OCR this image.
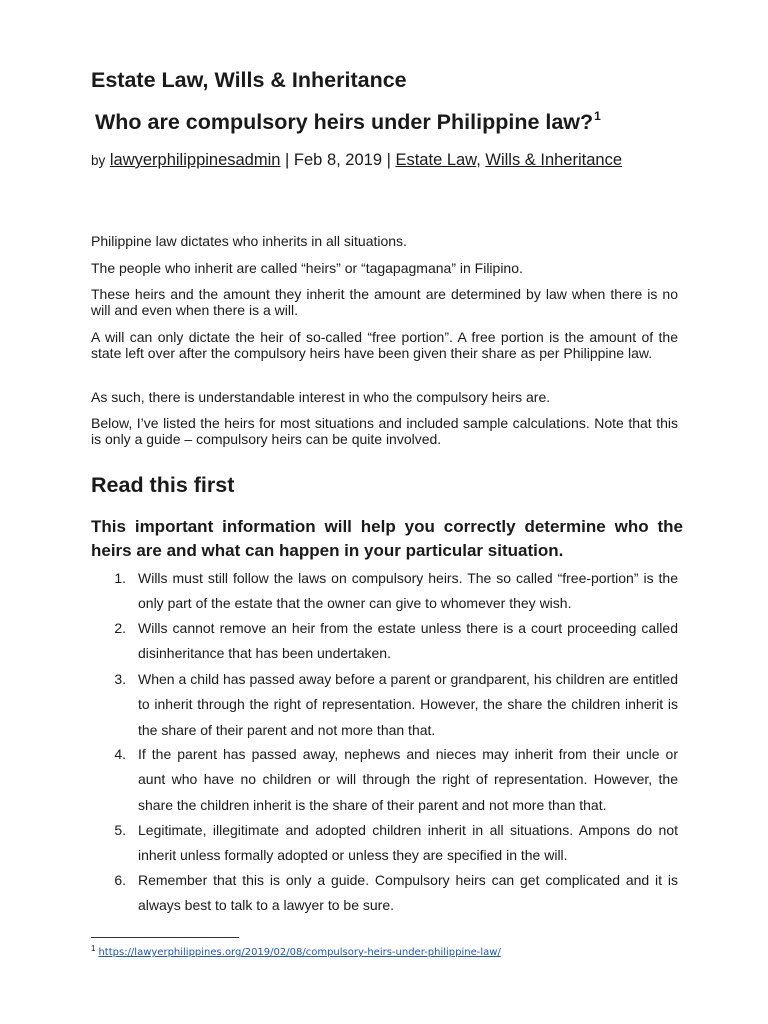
Estate Law, Wills & Inheritance
Who are compulsory heirs under Philippine law?$^1$
by lawyerphilippinesadmin | Feb 8, 2019 | Estate Law, Wills & Inheritance

Philippine law dictates who inherits in all situations.

The people who inherit are called “heirs” or “tagapagmana” in Filipino.

These heirs and the amount they inherit the amount are determined by law when there is no will and even when there is a will.

A will can only dictate the heir of so-called “free portion”. A free portion is the amount of the state left over after the compulsory heirs have been given their share as per Philippine law.

As such, there is understandable interest in who the compulsory heirs are.

Below, I’ve listed the heirs for most situations and included sample calculations. Note that this is only a guide – compulsory heirs can be quite involved.

Read this first
This important information will help you correctly determine who the heirs are and what can happen in your particular situation.
1. Wills must still follow the laws on compulsory heirs. The so called “free-portion” is the only part of the estate that the owner can give to whomever they wish.
2. Wills cannot remove an heir from the estate unless there is a court proceeding called disinheritance that has been undertaken.
3. When a child has passed away before a parent or grandparent, his children are entitled to inherit through the right of representation. However, the share the children inherit is the share of their parent and not more than that.
4. If the parent has passed away, nephews and nieces may inherit from their uncle or aunt who have no children or will through the right of representation. However, the share the children inherit is the share of their parent and not more than that.
5. Legitimate, illegitimate and adopted children inherit in all situations. Ampons do not inherit unless formally adopted or unless they are specified in the will.
6. Remember that this is only a guide. Compulsory heirs can get complicated and it is always best to talk to a lawyer to be sure.
$^1$ https://lawyerphilippines.org/2019/02/08/compulsory-heirs-under-philippine-law/
